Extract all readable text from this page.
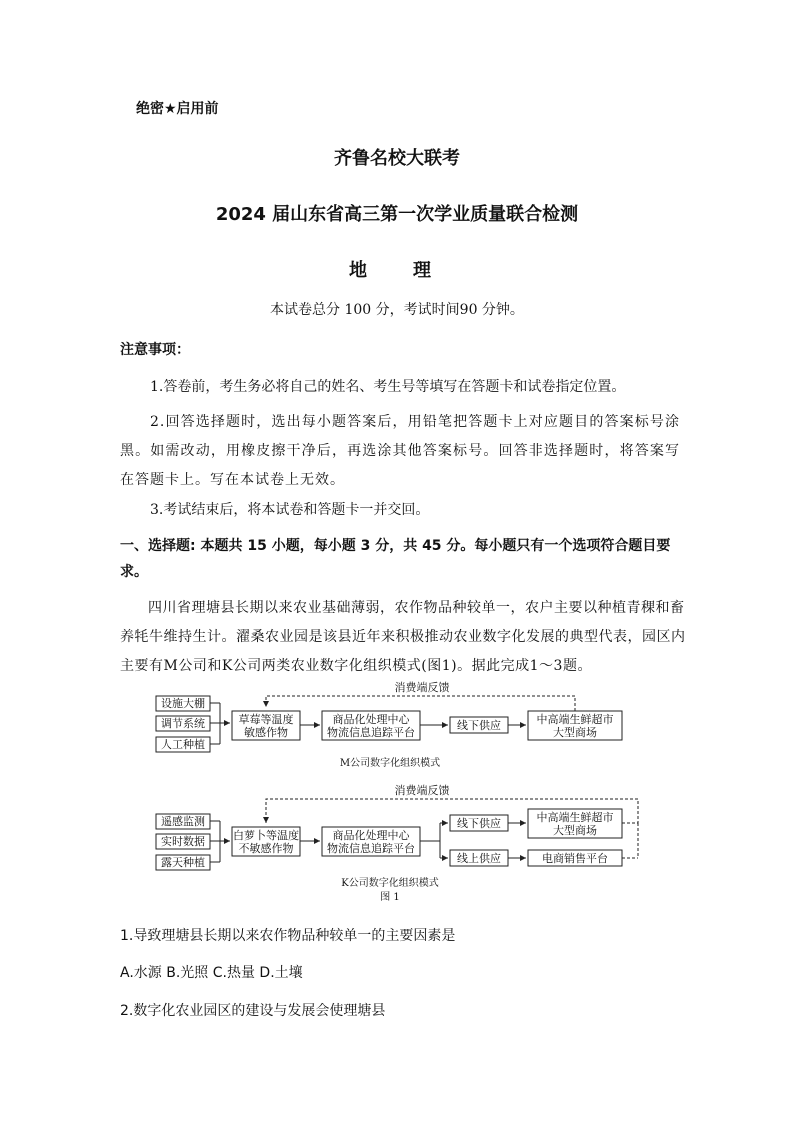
绝密★启用前
齐鲁名校大联考
2024 届山东省高三第一次学业质量联合检测
地　理
本试卷总分 100 分，考试时间90 分钟。
注意事项：
1.答卷前，考生务必将自己的姓名、考生号等填写在答题卡和试卷指定位置。
2.回答选择题时，选出每小题答案后，用铅笔把答题卡上对应题目的答案标号涂黑。如需改动，用橡皮擦干净后，再选涂其他答案标号。回答非选择题时，将答案写在答题卡上。写在本试卷上无效。
3.考试结束后，将本试卷和答题卡一并交回。
一、选择题: 本题共 15 小题，每小题 3 分，共 45 分。每小题只有一个选项符合题目要求。
四川省理塘县长期以来农业基础薄弱，农作物品种较单一，农户主要以种植青稞和畜养牦牛维持生计。濯桑农业园是该县近年来积极推动农业数字化发展的典型代表，园区内主要有M公司和K公司两类农业数字化组织模式(图1)。据此完成1～3题。
消费端反馈
设施大棚
调节系统
人工种植
草莓等温度
敏感作物
商品化处理中心
物流信息追踪平台
线下供应	中高端生鲜超市
大型商场
M公司数字化组织模式
消费端反馈
遥感监测
实时数据
露天种植
白萝卜等温度
不敏感作物
商品化处理中心
物流信息追踪平台
线下供应
线上供应
中高端生鲜超市
大型商场
电商销售平台
K公司数字化组织模式
图 1
1.导致理塘县长期以来农作物品种较单一的主要因素是
A.水源 B.光照 C.热量 D.土壤
2.数字化农业园区的建设与发展会使理塘县
